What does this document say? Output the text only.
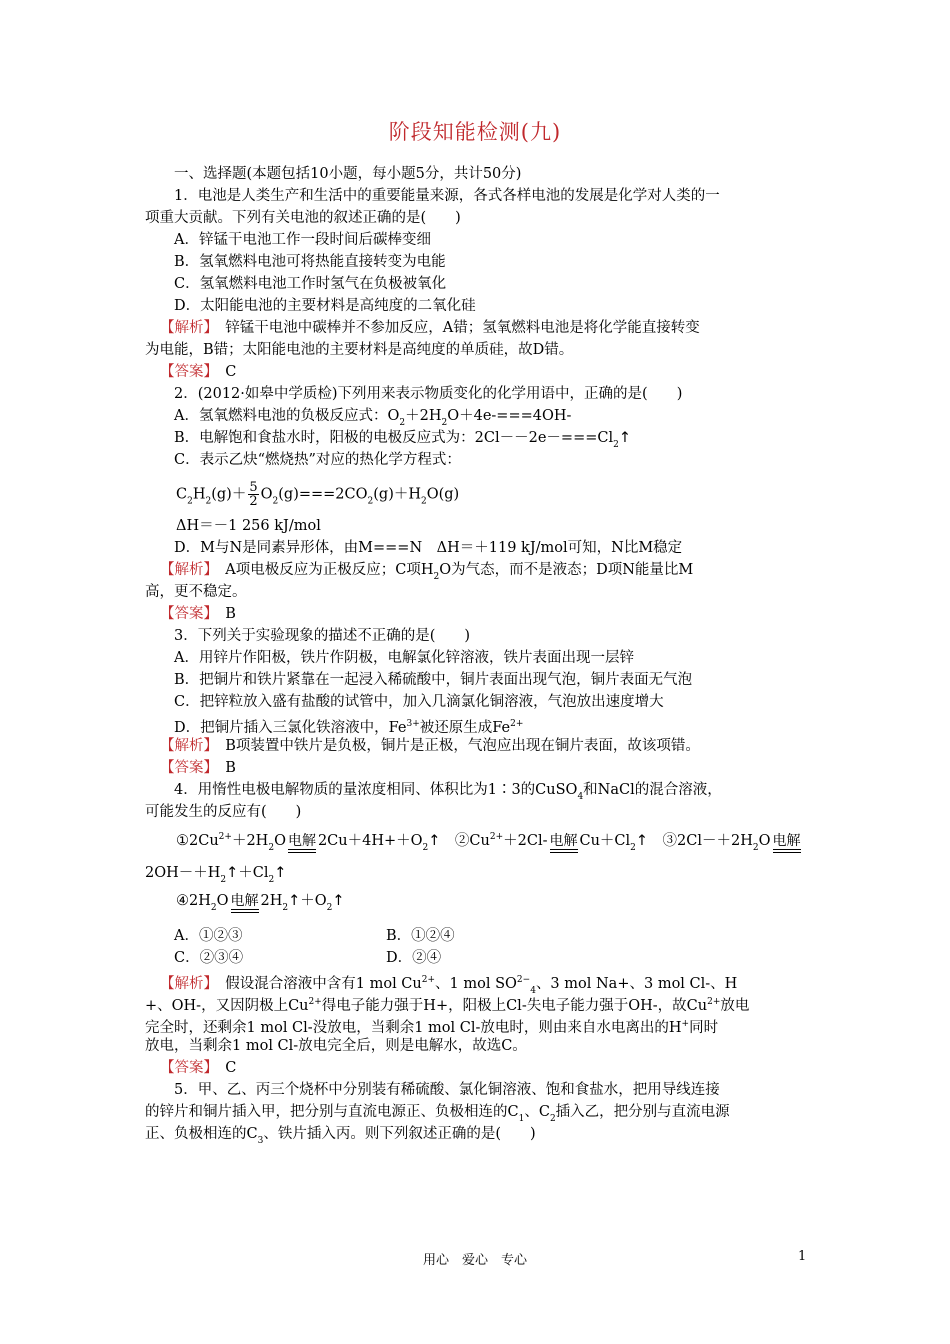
阶段知能检测(九)
一、选择题(本题包括10小题，每小题5分，共计50分)
1．电池是人类生产和生活中的重要能量来源，各式各样电池的发展是化学对人类的一
项重大贡献。下列有关电池的叙述正确的是(　　)
A．锌锰干电池工作一段时间后碳棒变细
B．氢氧燃料电池可将热能直接转变为电能
C．氢氧燃料电池工作时氢气在负极被氧化
D．太阳能电池的主要材料是高纯度的二氧化硅
【解析】　 锌锰干电池中碳棒并不参加反应，A错；氢氧燃料电池是将化学能直接转变
为电能，B错；太阳能电池的主要材料是高纯度的单质硅，故D错。
【答案】　 C
2．(2012·如皋中学质检)下列用来表示物质变化的化学用语中，正确的是(　　)
A．氢氧燃料电池的负极反应式：$O_2+2H_2O+4e-===4OH-$
B．电解饱和食盐水时，阳极的电极反应式为：$2Cl--2e-===Cl_2↑$
C．表示乙炔“燃烧热”对应的热化学方程式：
$C_2H_2(g)+ \frac{5}{2} O_2(g)===2CO_2(g)+H_2O(g)$
ΔH＝－1 256 kJ/mol
D．M与N是同素异形体，由M===N　ΔH＝＋119 kJ/mol可知，N比M稳定
【解析】　 A项电极反应为正极反应；C项$H_2O$为气态，而不是液态；D项N能量比M
高，更不稳定。
【答案】　 B
3．下列关于实验现象的描述不正确的是(　　)
A．用锌片作阳极，铁片作阴极，电解氯化锌溶液，铁片表面出现一层锌
B．把铜片和铁片紧靠在一起浸入稀硫酸中，铜片表面出现气泡，铜片表面无气泡
C．把锌粒放入盛有盐酸的试管中，加入几滴氯化铜溶液，气泡放出速度增大
D．把铜片插入三氯化铁溶液中，$Fe^{3+}$被还原生成$Fe^{2+}$
【解析】　 B项装置中铁片是负极，铜片是正极，气泡应出现在铜片表面，故该项错。
【答案】　 B
4．用惰性电极电解物质的量浓度相同、体积比为1∶3的CuSO$_4$和NaCl的混合溶液，
可能发生的反应有(　　)
$①2Cu^{2+}+2H_2O$ 电解 $2Cu+4H++O_2↑$　$②Cu^{2+}+2Cl-$ 电解 $Cu+Cl_2↑$　$③2Cl-+2H_2O$ 电解
$2OH-+H_2↑+Cl_2↑$
$④2H_2O$ 电解 $2H_2↑+O_2↑$
A．①②③	B．①②④
C．②③④	D．②④
【解析】　 假设混合溶液中含有1 mol $Cu^{2+}$、1 mol $SO^{2-}_4$、3 mol Na+、3 mol Cl-、H
+、OH-，又因阴极上$Cu^{2+}$得电子能力强于H+，阳极上Cl-失电子能力强于OH-，故$Cu^{2+}$放电
完全时，还剩余1 mol Cl-没放电，当剩余1 mol Cl-放电时，则由来自水电离出的H+同时
放电，当剩余1 mol Cl-放电完全后，则是电解水，故选C。
【答案】　 C
5．甲、乙、丙三个烧杯中分别装有稀硫酸、氯化铜溶液、饱和食盐水，把用导线连接
的锌片和铜片插入甲，把分别与直流电源正、负极相连的$C_1$、$C_2$插入乙，把分别与直流电源
正、负极相连的$C_3$、铁片插入丙。则下列叙述正确的是(　　)
用心　爱心　专心	1
